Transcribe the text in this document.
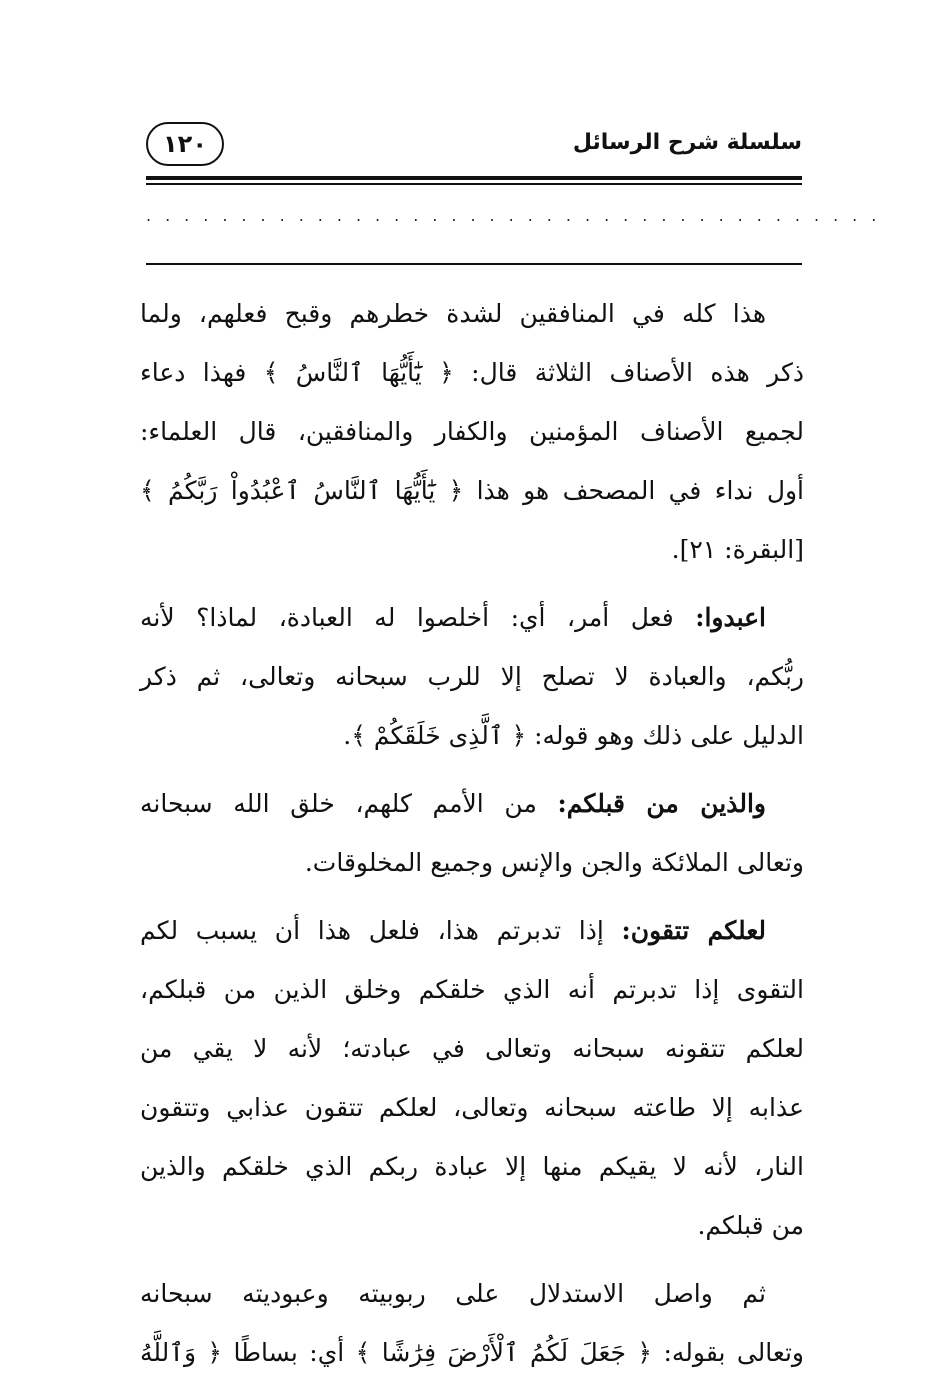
سلسلة شرح الرسائل
١٢٠
.......................................
هذا كله في المنافقين لشدة خطرهم وقبح فعلهم، ولما
ذكر هذه الأصناف الثلاثة قال: ﴿ يَٰٓأَيُّهَا ٱلنَّاسُ ﴾ فهذا دعاء
لجميع الأصناف المؤمنين والكفار والمنافقين، قال العلماء:
أول نداء في المصحف هو هذا ﴿ يَٰٓأَيُّهَا ٱلنَّاسُ ٱعْبُدُواْ رَبَّكُمُ ﴾
[البقرة: ٢١].
اعبدوا: فعل أمر، أي: أخلصوا له العبادة، لماذا؟ لأنه
ربُّكم، والعبادة لا تصلح إلا للرب سبحانه وتعالى، ثم ذكر
الدليل على ذلك وهو قوله: ﴿ ٱلَّذِى خَلَقَكُمْ ﴾.
والذين من قبلكم: من الأمم كلهم، خلق الله سبحانه
وتعالى الملائكة والجن والإنس وجميع المخلوقات.
لعلكم تتقون: إذا تدبرتم هذا، فلعل هذا أن يسبب لكم
التقوى إذا تدبرتم أنه الذي خلقكم وخلق الذين من قبلكم،
لعلكم تتقونه سبحانه وتعالى في عبادته؛ لأنه لا يقي من
عذابه إلا طاعته سبحانه وتعالى، لعلكم تتقون عذابي وتتقون
النار، لأنه لا يقيكم منها إلا عبادة ربكم الذي خلقكم والذين
من قبلكم.
ثم واصل الاستدلال على ربوبيته وعبوديته سبحانه
وتعالى بقوله: ﴿ جَعَلَ لَكُمُ ٱلْأَرْضَ فِرَٰشًا ﴾ أي: بساطًا ﴿ وَٱللَّهُ
